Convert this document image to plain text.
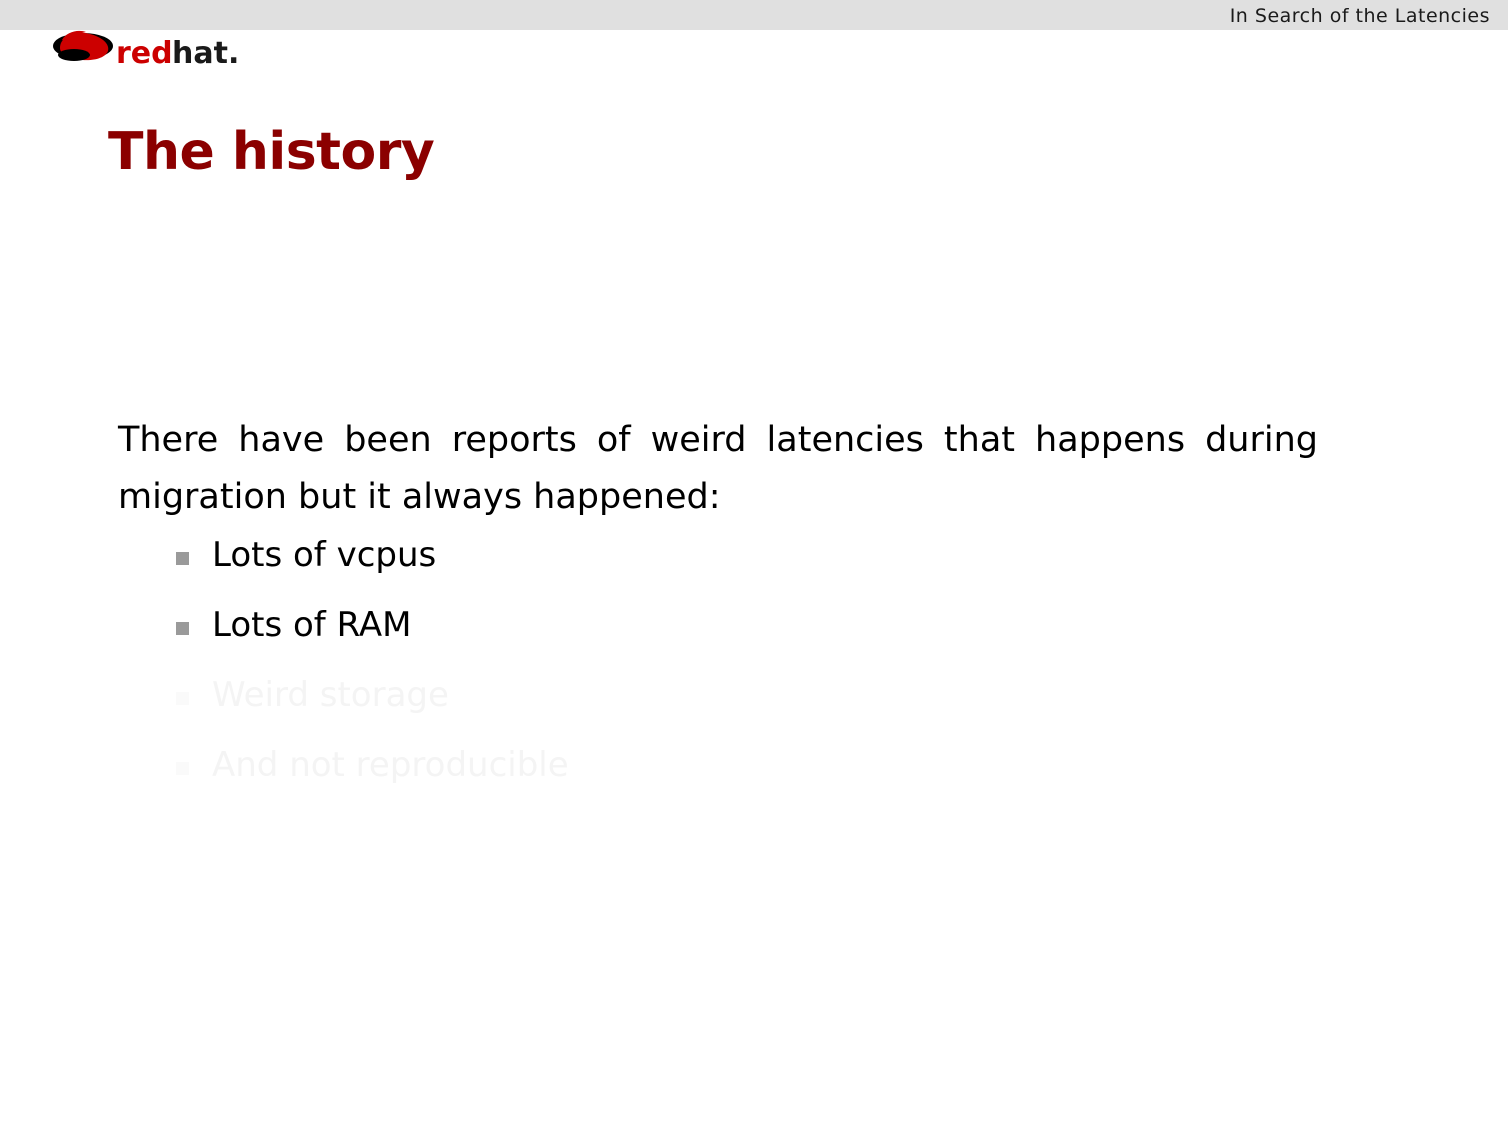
In Search of the Latencies
red hat.
The history
There have been reports of weird latencies that happens during migration but it always happened:
Lots of vcpus
Lots of RAM
Weird storage
And not reproducible
